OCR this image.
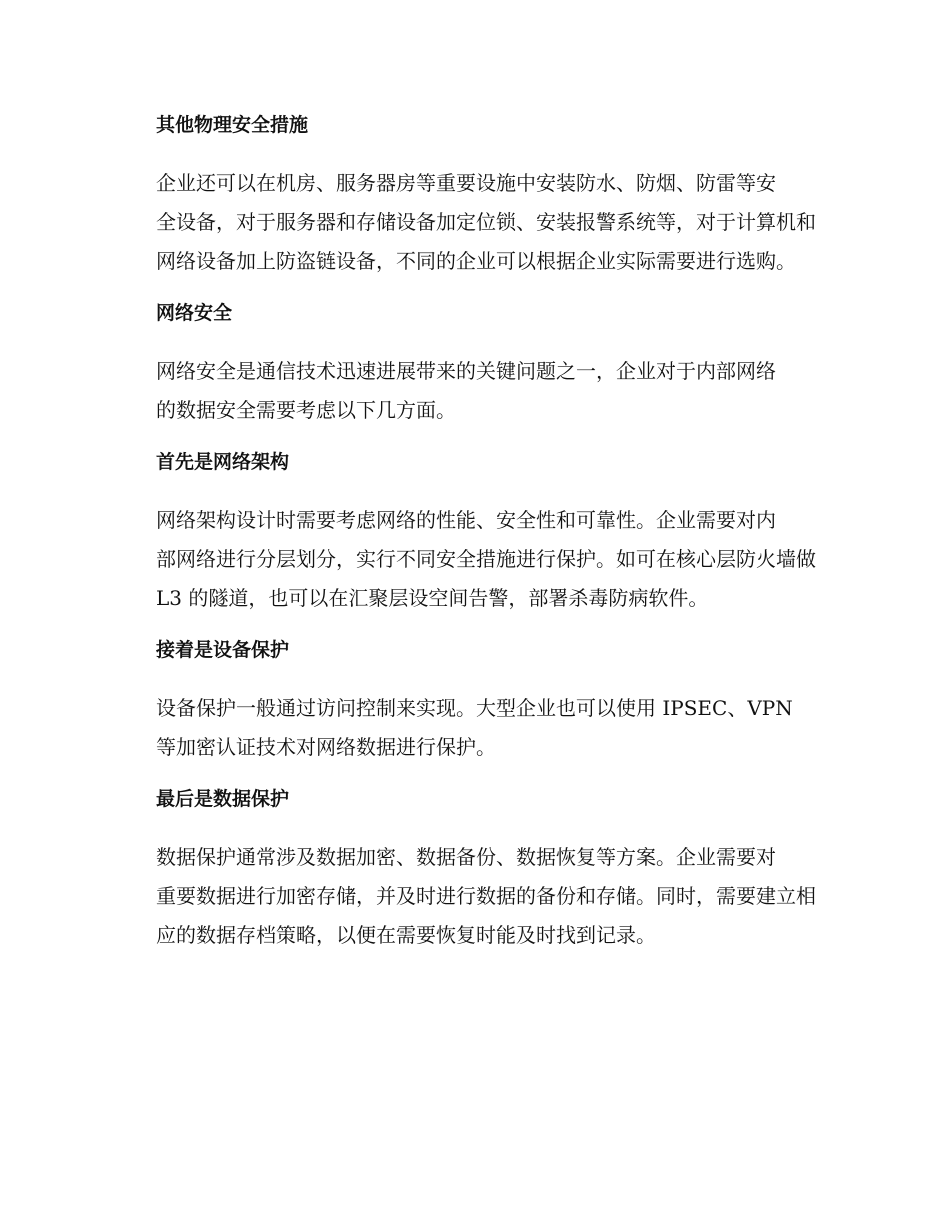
其他物理安全措施
企业还可以在机房、服务器房等重要设施中安装防水、防烟、防雷等安
全设备，对于服务器和存储设备加定位锁、安装报警系统等，对于计算机和
网络设备加上防盗链设备，不同的企业可以根据企业实际需要进行选购。
网络安全
网络安全是通信技术迅速进展带来的关键问题之一，企业对于内部网络
的数据安全需要考虑以下几方面。
首先是网络架构
网络架构设计时需要考虑网络的性能、安全性和可靠性。企业需要对内
部网络进行分层划分，实行不同安全措施进行保护。如可在核心层防火墙做
L3 的隧道，也可以在汇聚层设空间告警，部署杀毒防病软件。
接着是设备保护
设备保护一般通过访问控制来实现。大型企业也可以使用 IPSEC、VPN
等加密认证技术对网络数据进行保护。
最后是数据保护
数据保护通常涉及数据加密、数据备份、数据恢复等方案。企业需要对
重要数据进行加密存储，并及时进行数据的备份和存储。同时，需要建立相
应的数据存档策略，以便在需要恢复时能及时找到记录。
